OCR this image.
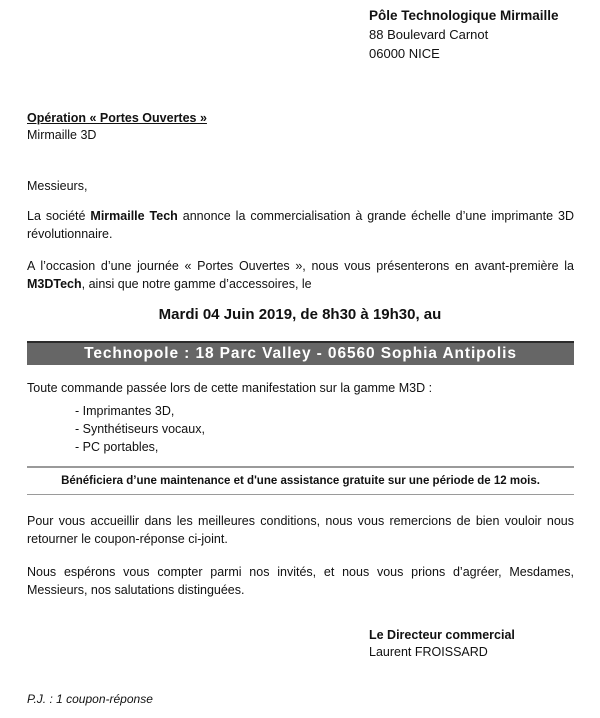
Pôle Technologique Mirmaille
88 Boulevard Carnot
06000 NICE
Opération « Portes Ouvertes »
Mirmaille 3D
Messieurs,
La société Mirmaille Tech annonce la commercialisation à grande échelle d’une imprimante 3D révolutionnaire.
A l’occasion d’une journée « Portes Ouvertes », nous vous présenterons en avant-première la M3DTech, ainsi que notre gamme d’accessoires, le
Mardi 04 Juin 2019, de 8h30 à 19h30, au
Technopole : 18 Parc Valley - 06560 Sophia Antipolis
Toute commande passée lors de cette manifestation sur la gamme M3D :
- Imprimantes 3D,
- Synthétiseurs vocaux,
- PC portables,
Bénéficiera d’une maintenance et d'une assistance gratuite sur une période de 12 mois.
Pour vous accueillir dans les meilleures conditions, nous vous remercions de bien vouloir nous retourner le coupon-réponse ci-joint.
Nous espérons vous compter parmi nos invités, et nous vous prions d’agréer, Mesdames, Messieurs, nos salutations distinguées.
Le Directeur commercial
Laurent FROISSARD
P.J. : 1 coupon-réponse
